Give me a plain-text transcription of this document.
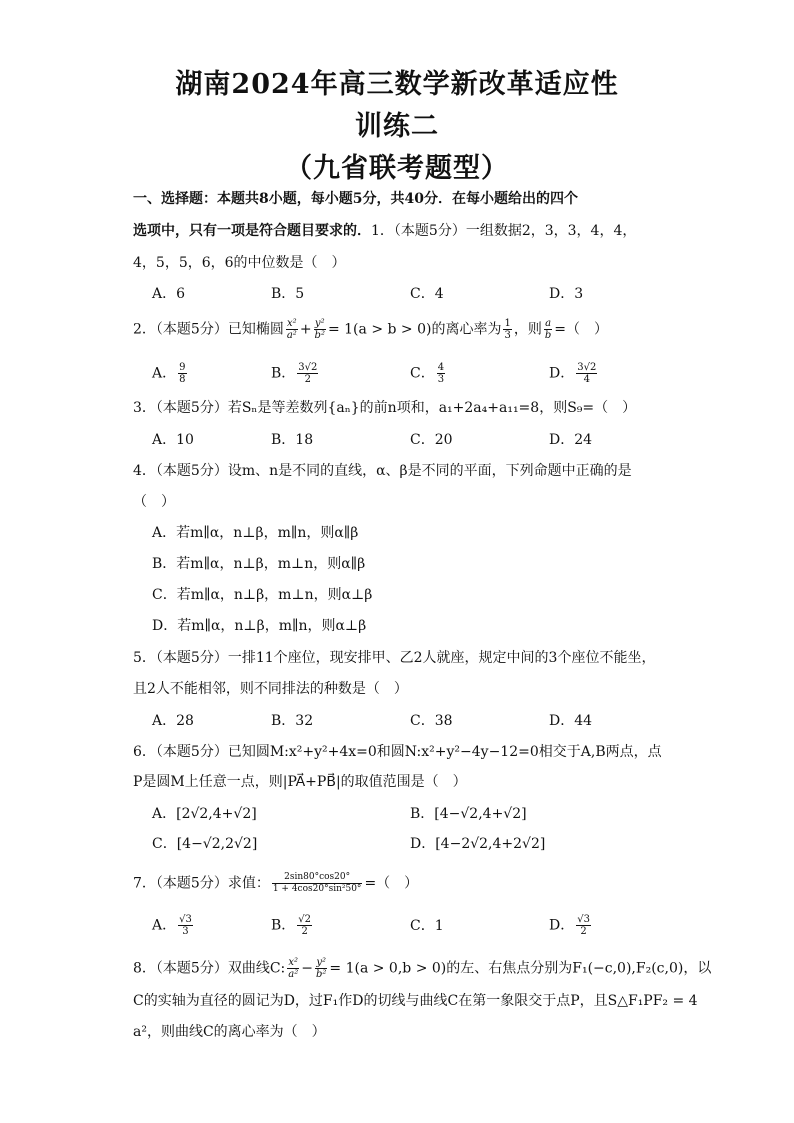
湖南2024年高三数学新改革适应性
训练二
（九省联考题型）
一、选择题：本题共8小题，每小题5分，共40分．在每小题给出的四个
选项中，只有一项是符合题目要求的．1．（本题5分）一组数据2，3，3，4，4，
4，5，5，6，6的中位数是（　）
A．6	B．5	C．4	D．3
2．（本题5分）已知椭圆 $\frac{\text{x²}}{\text{a²}} + \frac{\text{y²}}{\text{b²}} = 1(a > b > 0)$的离心率为 $\frac{1}{3}$ ，则 $\frac{a}{b}$ =（　）
A． $\frac{9}{8}$	B． $\frac{3√2}{2}$	C． $\frac{4}{3}$	D． $\frac{3√2}{4}$
3．（本题5分）若Sₙ是等差数列{aₙ}的前n项和，a₁+2a₄+a₁₁=8，则S₉=（　）
A．10	B．18	C．20	D．24
4．（本题5分）设m、n是不同的直线，α、β是不同的平面，下列命题中正确的是
（　）
A．若m∥α，n⊥β，m∥n，则α∥β
B．若m∥α，n⊥β，m⊥n，则α∥β
C．若m∥α，n⊥β，m⊥n，则α⊥β
D．若m∥α，n⊥β，m∥n，则α⊥β
5．（本题5分）一排11个座位，现安排甲、乙2人就座，规定中间的3个座位不能坐，
且2人不能相邻，则不同排法的种数是（　）
A．28	B．32	C．38	D．44
6．（本题5分）已知圆M:x²+y²+4x=0和圆N:x²+y²−4y−12=0相交于A,B两点，点
P是圆M上任意一点，则|PA⃗+PB⃗|的取值范围是（　）
A．[2√2,4+√2]	B．[4−√2,4+√2]
C．[4−√2,2√2]	D．[4−2√2,4+2√2]
7．（本题5分）求值： $\frac{2\sin 80^\circ\cos 20^\circ}{\text{1 + 4cos20°sin²50°}}$ =（　）
A． $\frac{√3}{3}$	B． $\frac{√2}{2}$	C．1	D． $\frac{√3}{2}$
8．（本题5分）双曲线C: $\frac{\text{x²}}{\text{a²}} - \frac{\text{y²}}{\text{b²}} = 1(a > 0,b > 0)$的左、右焦点分别为F₁(−c,0),F₂(c,0)，以
C的实轴为直径的圆记为D，过F₁作D的切线与曲线C在第一象限交于点P，且S△F₁PF₂ = 4
a²，则曲线C的离心率为（　）
